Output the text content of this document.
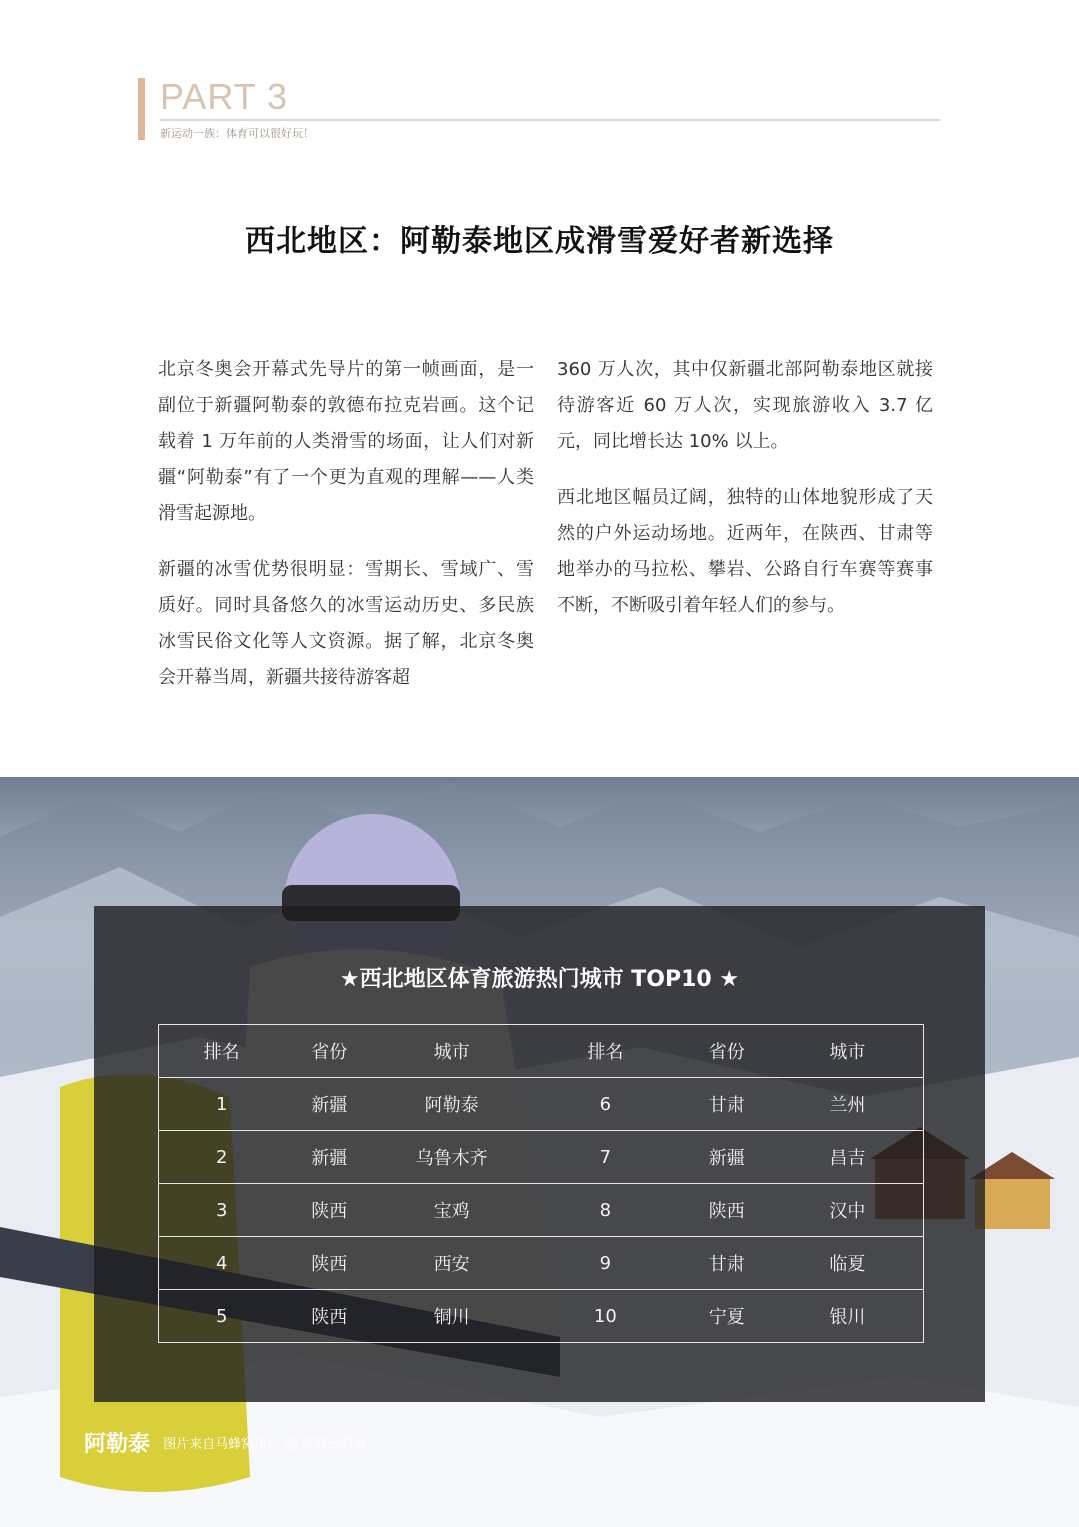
PART 3
新运动一族：体育可以很好玩！
西北地区：阿勒泰地区成滑雪爱好者新选择

北京冬奥会开幕式先导片的第一帧画面，是一副位于新疆阿勒泰的敦德布拉克岩画。这个记载着 1 万年前的人类滑雪的场面，让人们对新疆“阿勒泰”有了一个更为直观的理解——人类滑雪起源地。

新疆的冰雪优势很明显：雪期长、雪域广、雪质好。同时具备悠久的冰雪运动历史、多民族冰雪民俗文化等人文资源。据了解，北京冬奥会开幕当周，新疆共接待游客超

360 万人次，其中仅新疆北部阿勒泰地区就接待游客近 60 万人次，实现旅游收入 3.7 亿元，同比增长达 10% 以上。

西北地区幅员辽阔，独特的山体地貌形成了天然的户外运动场地。近两年，在陕西、甘肃等地举办的马拉松、攀岩、公路自行车赛等赛事不断，不断吸引着年轻人们的参与。

★西北地区体育旅游热门城市 TOP10 ★
排名	省份	城市	排名	省份	城市
1	新疆	阿勒泰	6	甘肃	兰州
2	新疆	乌鲁木齐	7	新疆	昌吉
3	陕西	宝鸡	8	陕西	汉中
4	陕西	西安	9	甘肃	临夏
5	陕西	铜川	10	宁夏	银川
阿勒泰 图片来自马蜂窝用户 @ 骑猫去看海
